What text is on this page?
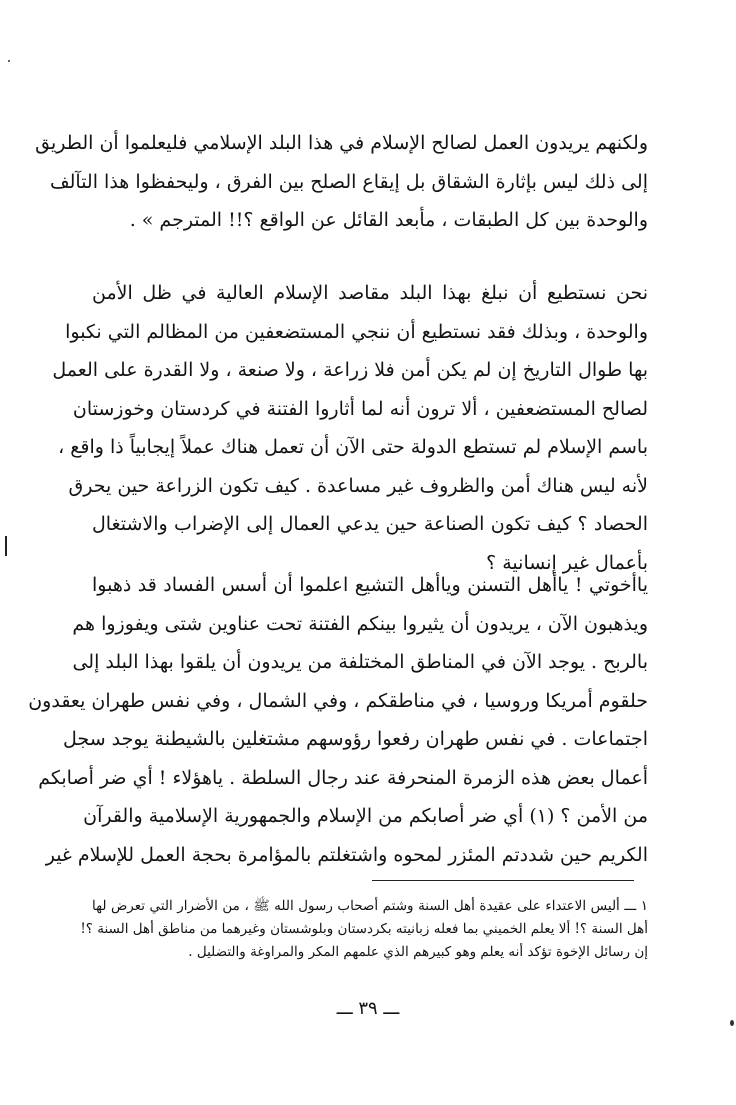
ولكنهم يريدون العمل لصالح الإسلام في هذا البلد الإسلامي فليعلموا أن الطريق
إلى ذلك ليس بإثارة الشقاق بل إيقاع الصلح بين الفرق ، وليحفظوا هذا التآلف
والوحدة بين كل الطبقات ، مأبعد القائل عن الواقع ؟!! المترجم » .
نحن نستطيع أن نبلغ بهذا البلد مقاصد الإسلام العالية في ظل الأمن
والوحدة ، وبذلك فقد نستطيع أن ننجي المستضعفين من المظالم التي نكبوا
بها طوال التاريخ إن لم يكن أمن فلا زراعة ، ولا صنعة ، ولا القدرة على العمل
لصالح المستضعفين ، ألا ترون أنه لما أثاروا الفتنة في كردستان وخوزستان
باسم الإسلام لم تستطع الدولة حتى الآن أن تعمل هناك عملاً إيجابياً ذا واقع ،
لأنه ليس هناك أمن والظروف غير مساعدة . كيف تكون الزراعة حين يحرق
الحصاد ؟ كيف تكون الصناعة حين يدعي العمال إلى الإضراب والاشتغال
بأعمال غير إنسانية ؟
ياأخوتي ! ياأهل التسنن وياأهل التشيع اعلموا أن أسس الفساد قد ذهبوا
ويذهبون الآن ، يريدون أن يثيروا بينكم الفتنة تحت عناوين شتى ويفوزوا هم
بالربح . يوجد الآن في المناطق المختلفة من يريدون أن يلقوا بهذا البلد إلى
حلقوم أمريكا وروسيا ، في مناطقكم ، وفي الشمال ، وفي نفس طهران يعقدون
اجتماعات . في نفس طهران رفعوا رؤوسهم مشتغلين بالشيطنة يوجد سجل
أعمال بعض هذه الزمرة المنحرفة عند رجال السلطة . ياهؤلاء ! أي ضر أصابكم
من الأمن ؟ (١) أي ضر أصابكم من الإسلام والجمهورية الإسلامية والقرآن
الكريم حين شددتم المئزر لمحوه واشتغلتم بالمؤامرة بحجة العمل للإسلام غير
١ ـــ أليس الاعتداء على عقيدة أهل السنة وشتم أصحاب رسول الله ﷺ ، من الأضرار التي تعرض لها
أهل السنة ؟! ألا يعلم الخميني بما فعله زبانيته بكردستان وبلوشستان وغيرهما من مناطق أهل السنة ؟!
إن رسائل الإخوة تؤكد أنه يعلم وهو كبيرهم الذي علمهم المكر والمراوغة والتضليل .
ـــ ٣٩ ـــ
